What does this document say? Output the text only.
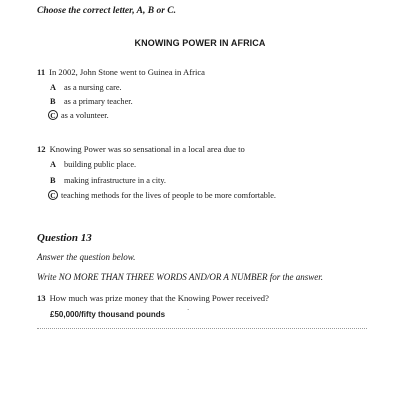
Choose the correct letter, A, B or C.
KNOWING POWER IN AFRICA
11 In 2002, John Stone went to Guinea in Africa
A as a nursing care.
B as a primary teacher.
C as a volunteer.
12 Knowing Power was so sensational in a local area due to
A building public place.
B making infrastructure in a city.
C teaching methods for the lives of people to be more comfortable.
Question 13
Answer the question below.
Write NO MORE THAN THREE WORDS AND/OR A NUMBER for the answer.
13 How much was prize money that the Knowing Power received?
£50,000/fifty thousand pounds	´
